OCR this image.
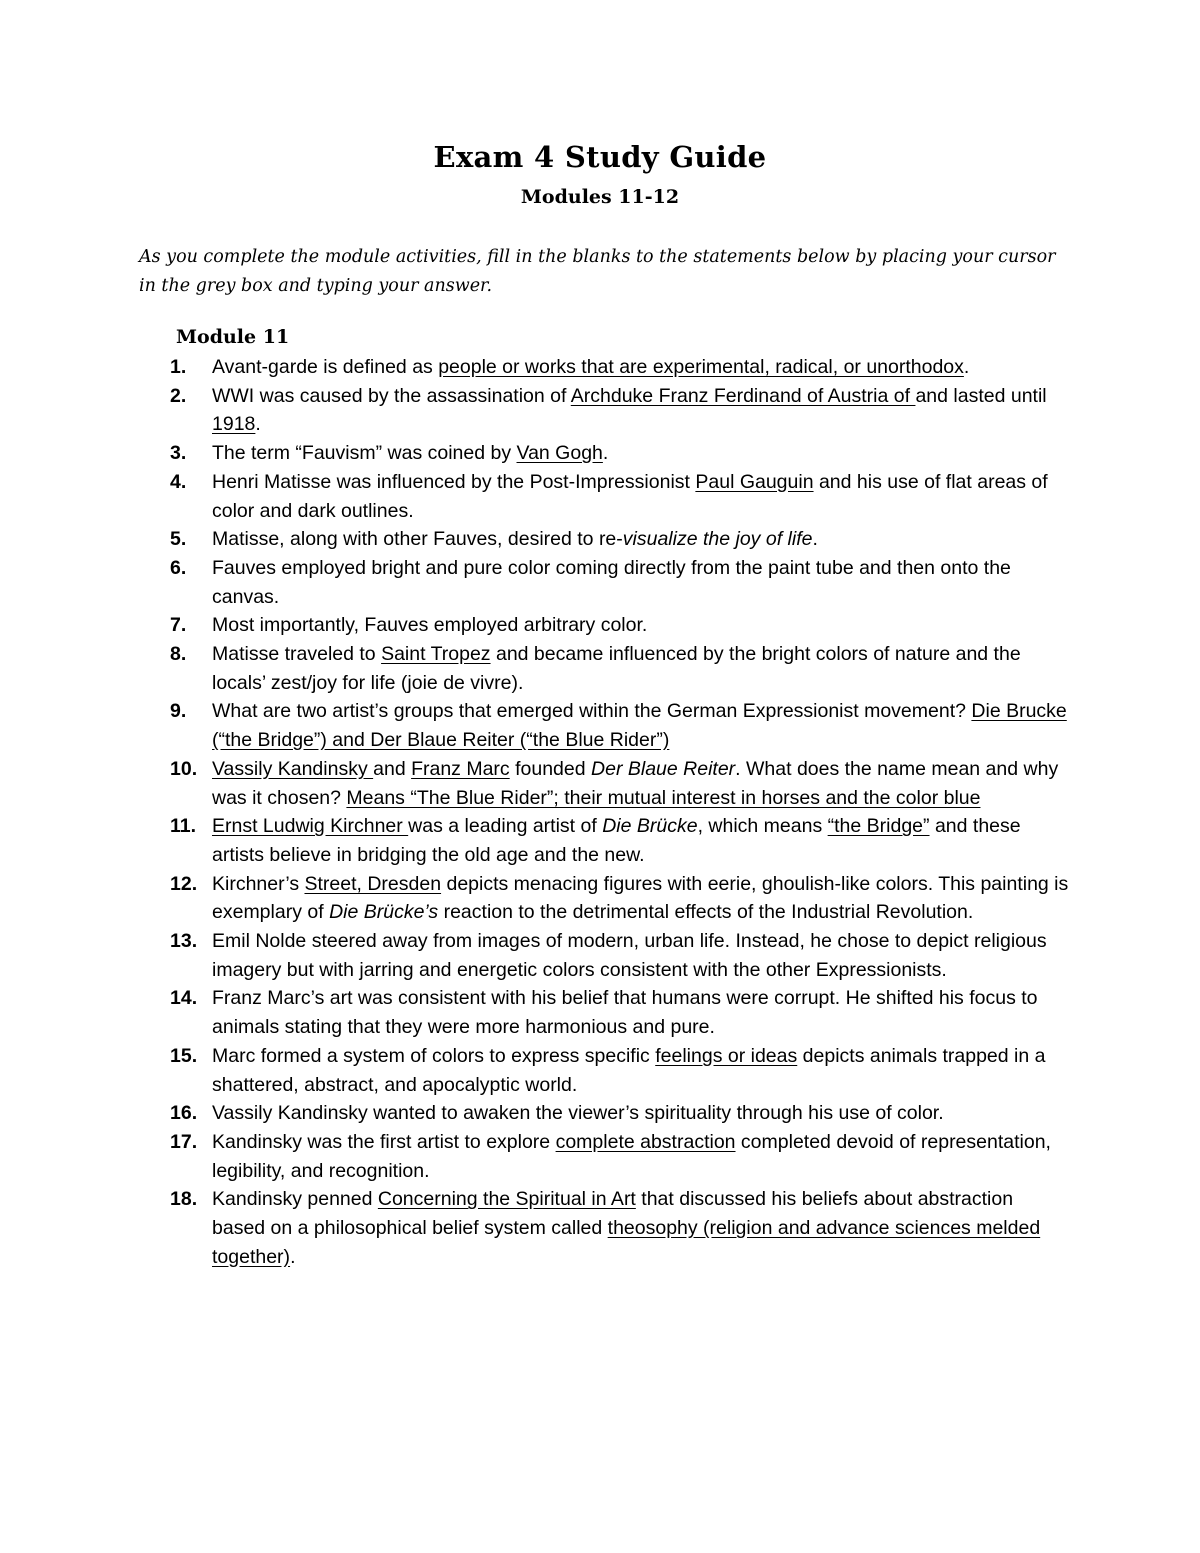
Exam 4 Study Guide
Modules 11-12
As you complete the module activities, fill in the blanks to the statements below by placing your cursor in the grey box and typing your answer.
Module 11
1.	Avant-garde is defined as people or works that are experimental, radical, or unorthodox.
2.	WWI was caused by the assassination of Archduke Franz Ferdinand of Austria of and lasted until 1918.
3.	The term “Fauvism” was coined by Van Gogh.
4.	Henri Matisse was influenced by the Post-Impressionist Paul Gauguin and his use of flat areas of color and dark outlines.
5.	Matisse, along with other Fauves, desired to re-visualize the joy of life.
6.	Fauves employed bright and pure color coming directly from the paint tube and then onto the canvas.
7.	Most importantly, Fauves employed arbitrary color.
8.	Matisse traveled to Saint Tropez and became influenced by the bright colors of nature and the locals’ zest/joy for life (joie de vivre).
9.	What are two artist’s groups that emerged within the German Expressionist movement? Die Brucke (“the Bridge”) and Der Blaue Reiter (“the Blue Rider”)
10. Vassily Kandinsky and Franz Marc founded Der Blaue Reiter. What does the name mean and why was it chosen? Means “The Blue Rider”; their mutual interest in horses and the color blue
11. Ernst Ludwig Kirchner was a leading artist of Die Brücke, which means “the Bridge” and these artists believe in bridging the old age and the new.
12. Kirchner’s Street, Dresden depicts menacing figures with eerie, ghoulish-like colors. This painting is exemplary of Die Brücke’s reaction to the detrimental effects of the Industrial Revolution.
13. Emil Nolde steered away from images of modern, urban life. Instead, he chose to depict religious imagery but with jarring and energetic colors consistent with the other Expressionists.
14. Franz Marc’s art was consistent with his belief that humans were corrupt. He shifted his focus to animals stating that they were more harmonious and pure.
15. Marc formed a system of colors to express specific feelings or ideas depicts animals trapped in a shattered, abstract, and apocalyptic world.
16. Vassily Kandinsky wanted to awaken the viewer’s spirituality through his use of color.
17. Kandinsky was the first artist to explore complete abstraction completed devoid of representation, legibility, and recognition.
18. Kandinsky penned Concerning the Spiritual in Art that discussed his beliefs about abstraction based on a philosophical belief system called theosophy (religion and advance sciences melded together).
